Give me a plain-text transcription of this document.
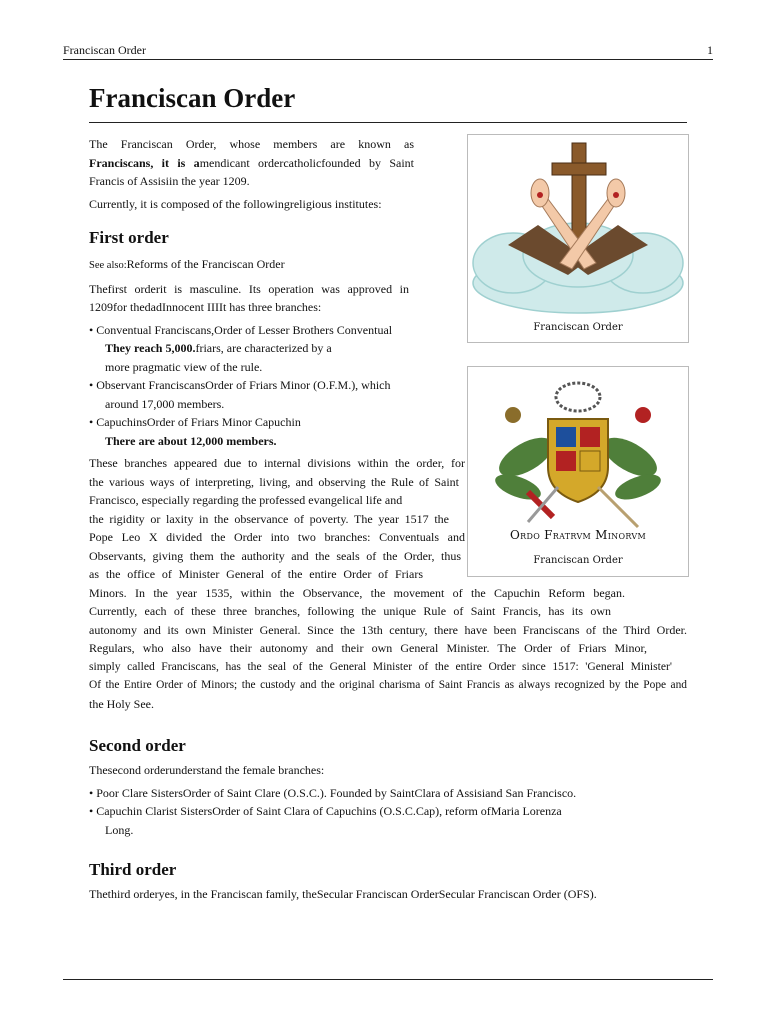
Franciscan Order	1
Franciscan Order

The Franciscan Order, whose members are known as

Franciscans, it is amendicant ordercatholicfounded by Saint

Francis of Assisiin the year 1209.

Currently, it is composed of the followingreligious institutes:

First order

See also:Reforms of the Franciscan Order

Thefirst orderit is masculine. Its operation was approved in

1209for thedadInnocent IIIIt has three branches:

• Conventual Franciscans,Order of Lesser Brothers Conventual

They reach 5,000.friars, are characterized by a

more pragmatic view of the rule.

• Observant FranciscansOrder of Friars Minor (O.F.M.), which

around 17,000 members.

• CapuchinsOrder of Friars Minor Capuchin

There are about 12,000 members.

These branches appeared due to internal divisions within the order, for

the various ways of interpreting, living, and observing the Rule of Saint

Francisco, especially regarding the professed evangelical life and

the rigidity or laxity in the observance of poverty. The year 1517 the

Pope Leo X divided the Order into two branches: Conventuals and

Observants, giving them the authority and the seals of the Order, thus

as the office of Minister General of the entire Order of Friars

Minors. In the year 1535, within the Observance, the movement of the Capuchin Reform began.

Currently, each of these three branches, following the unique Rule of Saint Francis, has its own

autonomy and its own Minister General. Since the 13th century, there have been Franciscans of the Third Order.

Regulars, who also have their autonomy and their own General Minister. The Order of Friars Minor,

simply called Franciscans, has the seal of the General Minister of the entire Order since 1517: 'General Minister'

Of the Entire Order of Minors; the custody and the original charisma of Saint Francis as always recognized by the Pope and

the Holy See.

Second order

Thesecond orderunderstand the female branches:

• Poor Clare SistersOrder of Saint Clare (O.S.C.). Founded by SaintClara of Assisiand San Francisco.

• Capuchin Clarist SistersOrder of Saint Clara of Capuchins (O.S.C.Cap), reform ofMaria Lorenza

Long.

Third order

Thethird orderyes, in the Franciscan family, theSecular Franciscan OrderSecular Franciscan Order (OFS).

Franciscan Order
Ordo Fratrvm Minorvm
Franciscan Order
